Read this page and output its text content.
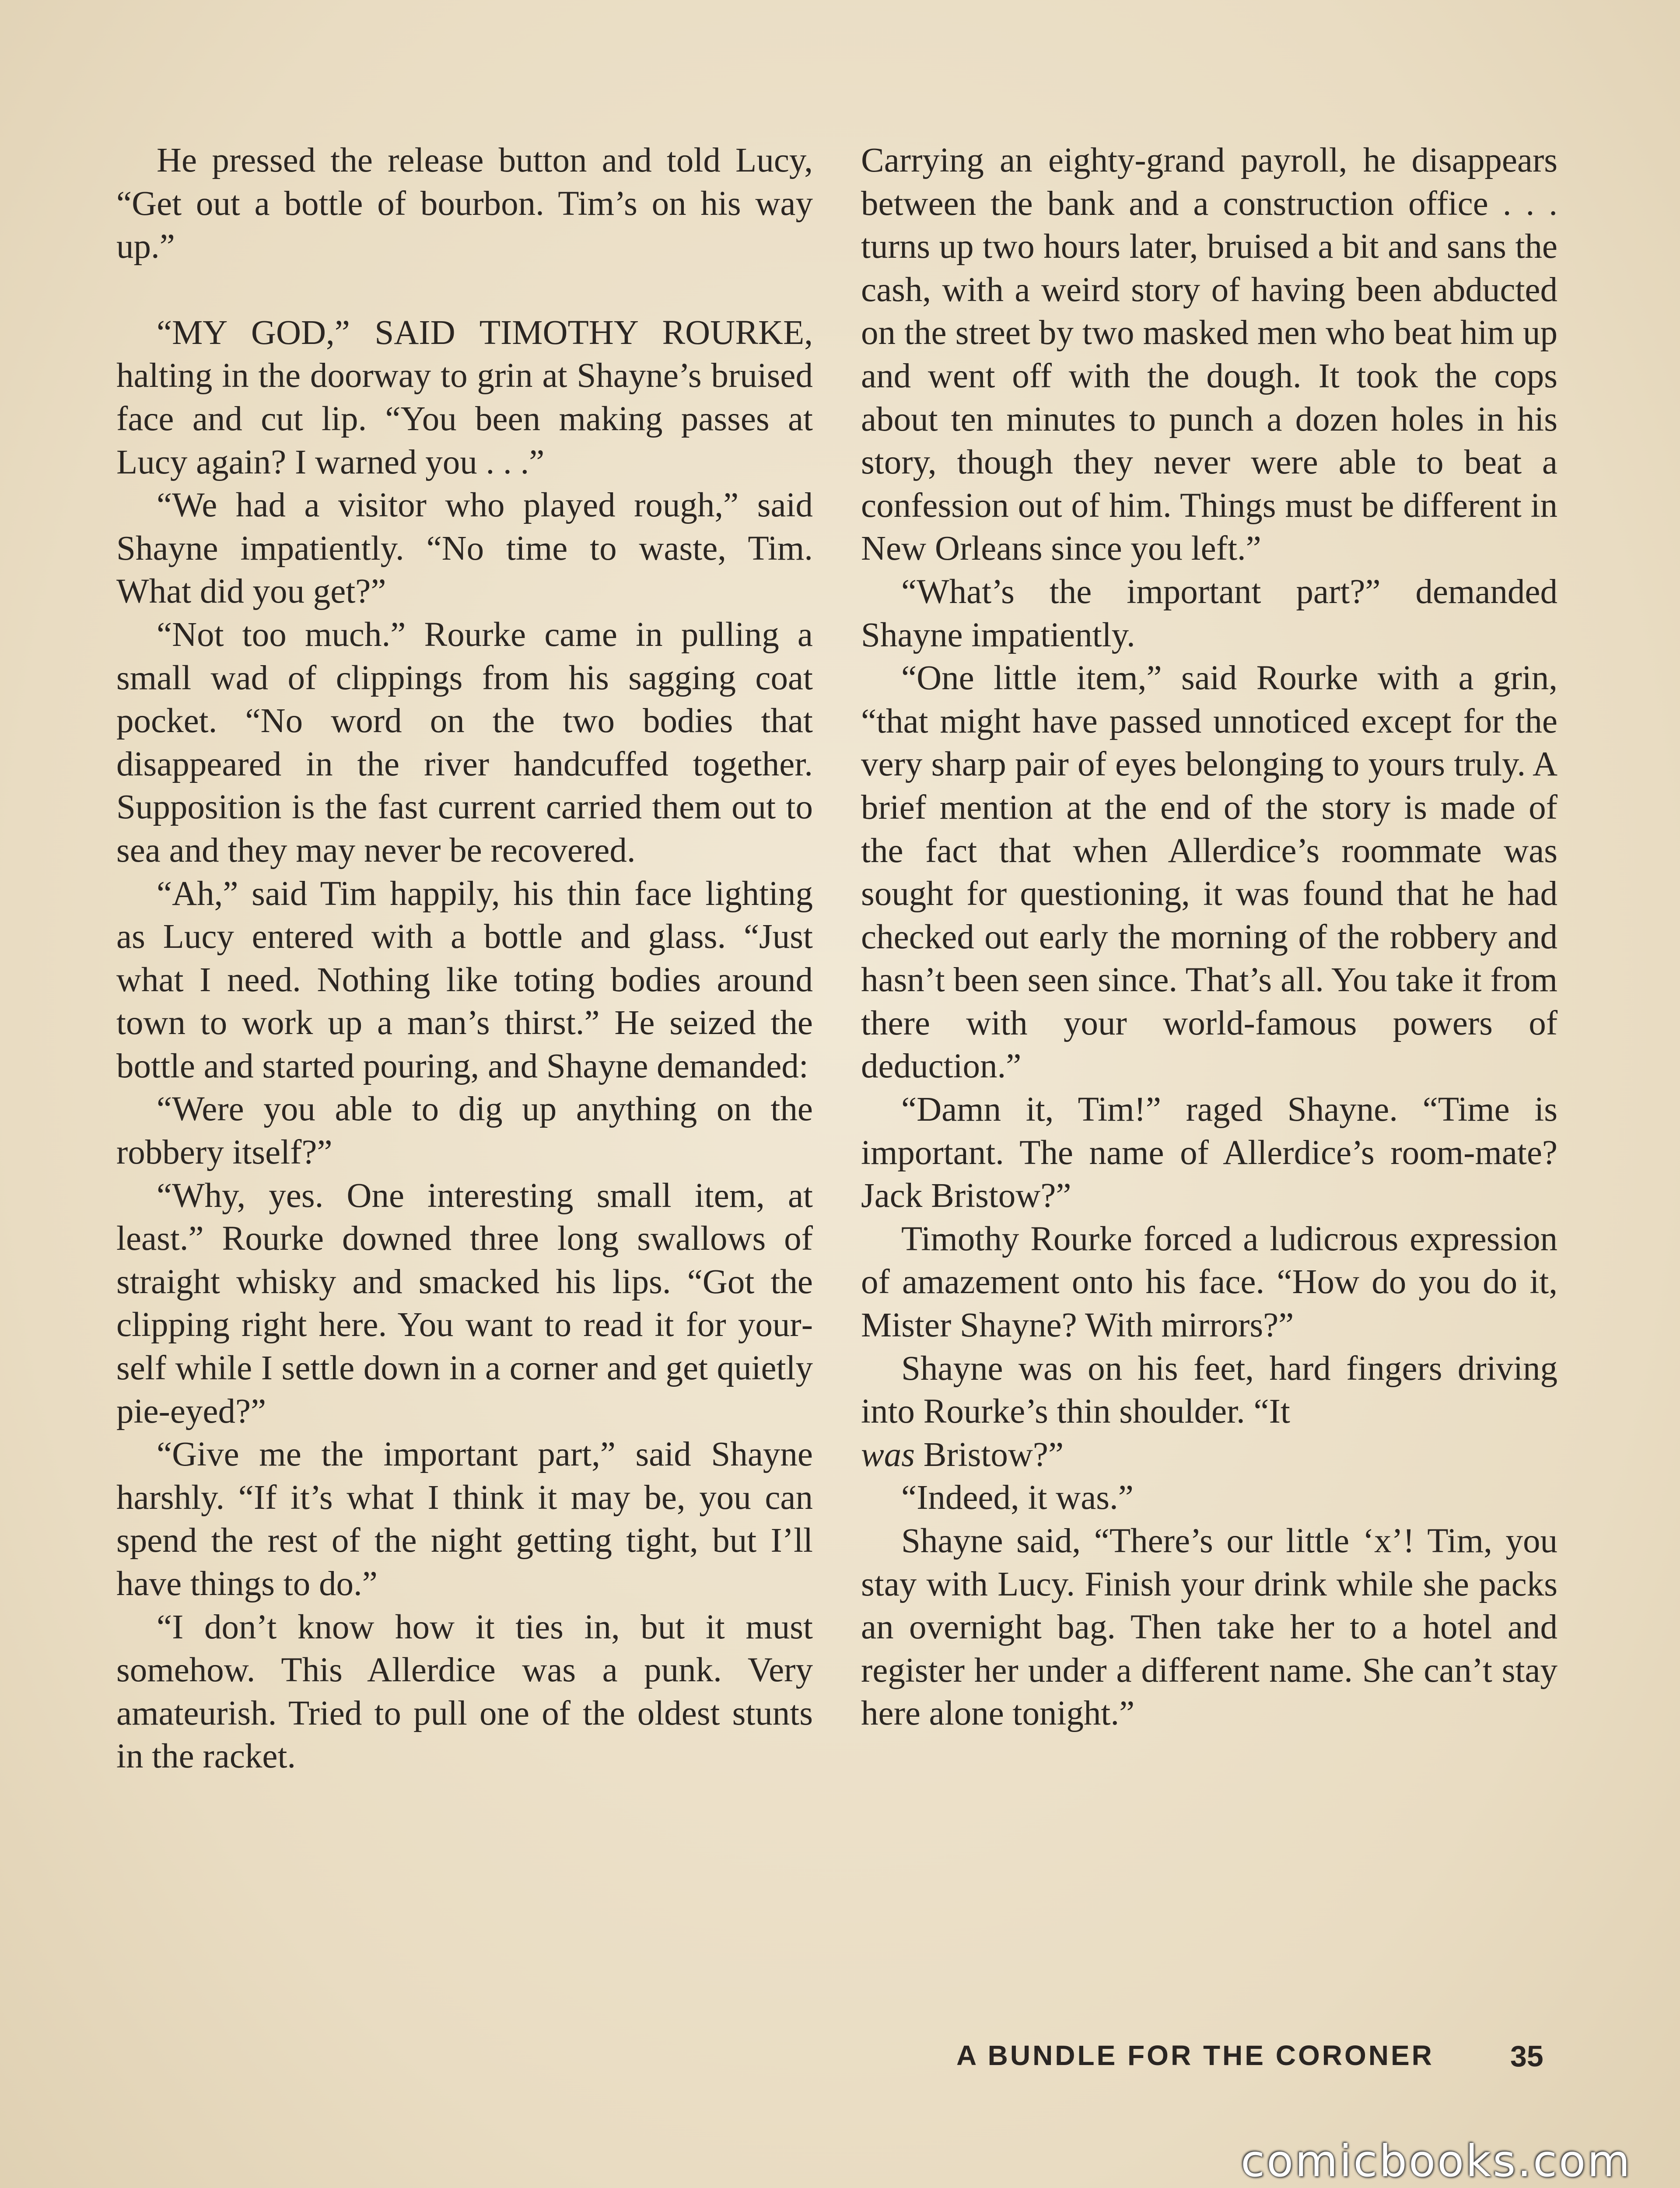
He pressed the release button and told Lucy, “Get out a bottle of bourbon. Tim’s on his way up.”

“MY GOD,” SAID TIMOTHY ROURKE, halting in the doorway to grin at Shayne’s bruised face and cut lip. “You been making passes at Lucy again? I warned you . . .”

“We had a visitor who played rough,” said Shayne impatiently. “No time to waste, Tim. What did you get?”

“Not too much.” Rourke came in pulling a small wad of clippings from his sagging coat pocket. “No word on the two bodies that disappeared in the river handcuffed together. Supposition is the fast current carried them out to sea and they may never be recovered.

“Ah,” said Tim happily, his thin face lighting as Lucy entered with a bottle and glass. “Just what I need. Nothing like toting bodies around town to work up a man’s thirst.” He seized the bottle and started pouring, and Shayne demanded:

“Were you able to dig up anything on the robbery itself?”

“Why, yes. One interesting small item, at least.” Rourke downed three long swallows of straight whisky and smacked his lips. “Got the clipping right here. You want to read it for yourself while I settle down in a corner and get quietly pie-eyed?”

“Give me the important part,” said Shayne harshly. “If it’s what I think it may be, you can spend the rest of the night getting tight, but I’ll have things to do.”

“I don’t know how it ties in, but it must somehow. This Allerdice was a punk. Very amateurish. Tried to pull one of the oldest stunts in the racket.

Carrying an eighty-grand payroll, he disappears between the bank and a construction office . . . turns up two hours later, bruised a bit and sans the cash, with a weird story of having been abducted on the street by two masked men who beat him up and went off with the dough. It took the cops about ten minutes to punch a dozen holes in his story, though they never were able to beat a confession out of him. Things must be different in New Orleans since you left.”

“What’s the important part?” demanded Shayne impatiently.

“One little item,” said Rourke with a grin, “that might have passed unnoticed except for the very sharp pair of eyes belonging to yours truly. A brief mention at the end of the story is made of the fact that when Allerdice’s roommate was sought for questioning, it was found that he had checked out early the morning of the robbery and hasn’t been seen since. That’s all. You take it from there with your world-famous powers of deduction.”

“Damn it, Tim!” raged Shayne. “Time is important. The name of Allerdice’s room-mate? Jack Bristow?”

Timothy Rourke forced a ludicrous expression of amazement onto his face. “How do you do it, Mister Shayne? With mirrors?”

Shayne was on his feet, hard fingers driving into Rourke’s thin shoulder. “It
was Bristow?”

“Indeed, it was.”

Shayne said, “There’s our little ‘x’! Tim, you stay with Lucy. Finish your drink while she packs an overnight bag. Then take her to a hotel and register her under a different name. She can’t stay here alone tonight.”

A BUNDLE FOR THE CORONER	35
comicbooks.com
